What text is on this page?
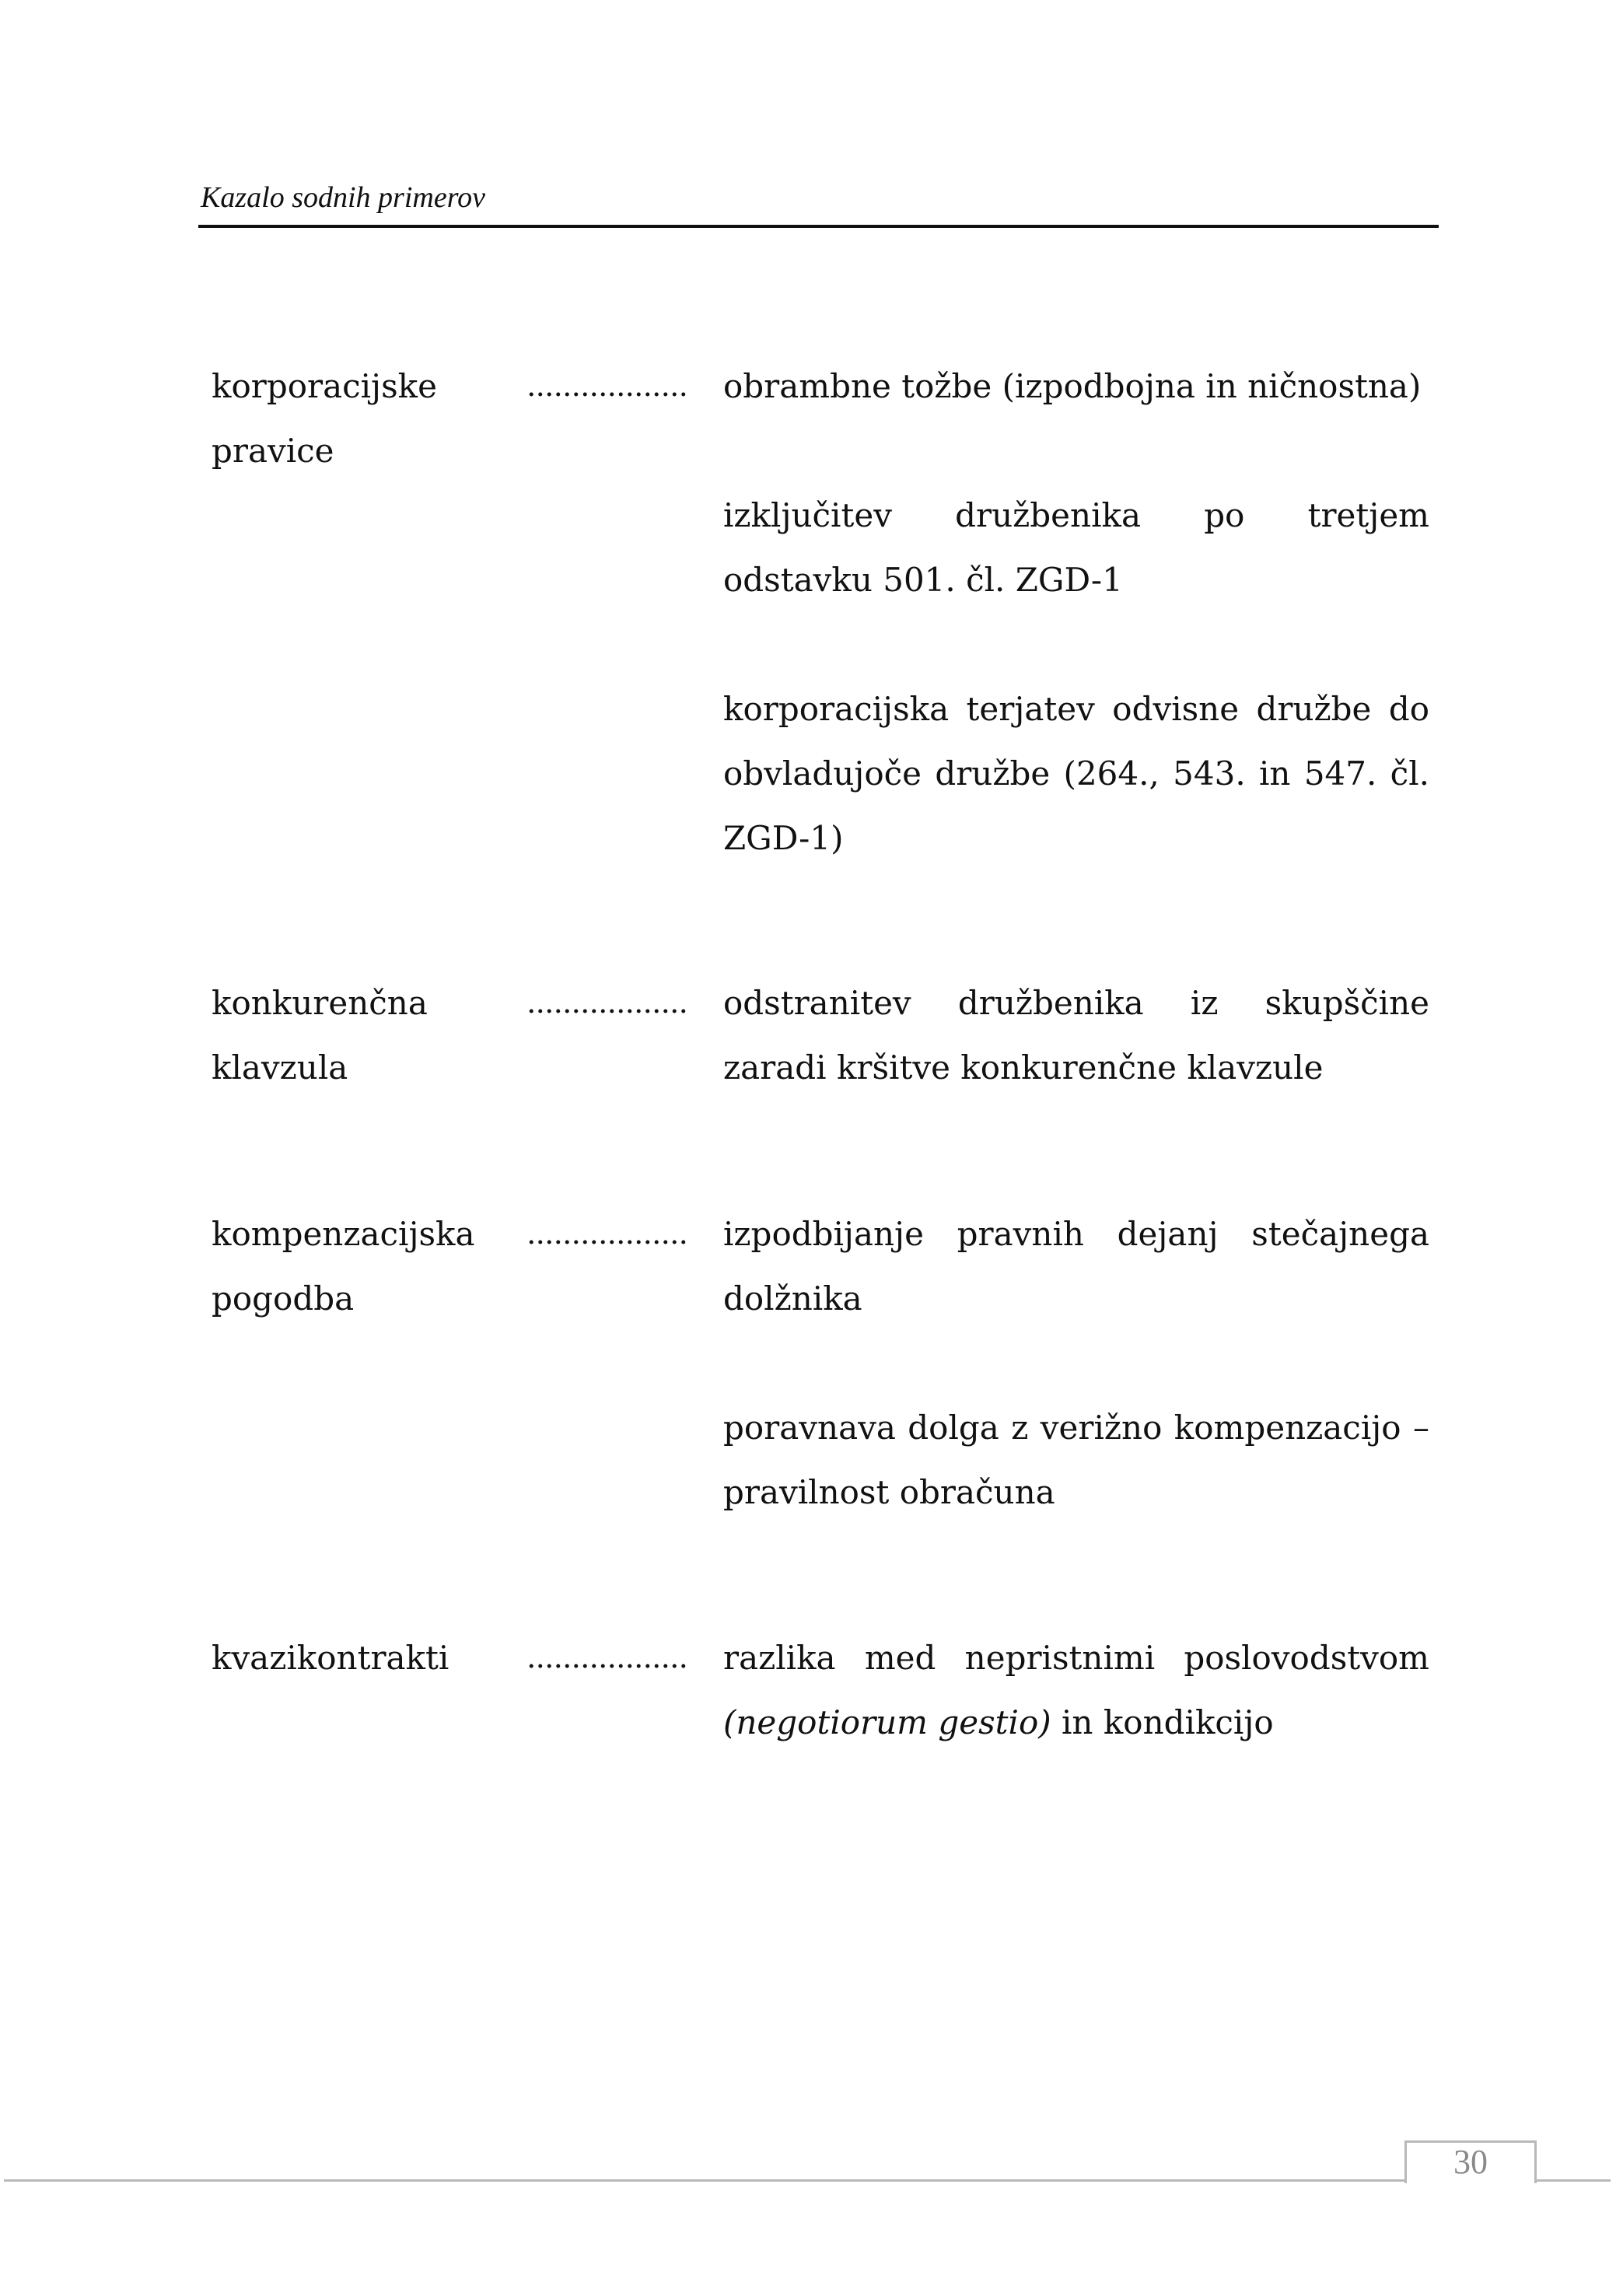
Kazalo sodnih primerov
korporacijske pravice
.................. obrambne tožbe (izpodbojna in ničnostna)
izključitev družbenika po tretjem odstavku 501. čl. ZGD-1
korporacijska terjatev odvisne družbe do obvladujoče družbe (264., 543. in 547. čl. ZGD-1)
konkurenčna klavzula
.................. odstranitev družbenika iz skupščine zaradi kršitve konkurenčne klavzule
kompenzacijska pogodba
.................. izpodbijanje pravnih dejanj stečajnega dolžnika
poravnava dolga z verižno kompenzacijo – pravilnost obračuna
kvazikontrakti	.................. razlika med nepristnimi poslovodstvom (negotiorum gestio) in kondikcijo
30
